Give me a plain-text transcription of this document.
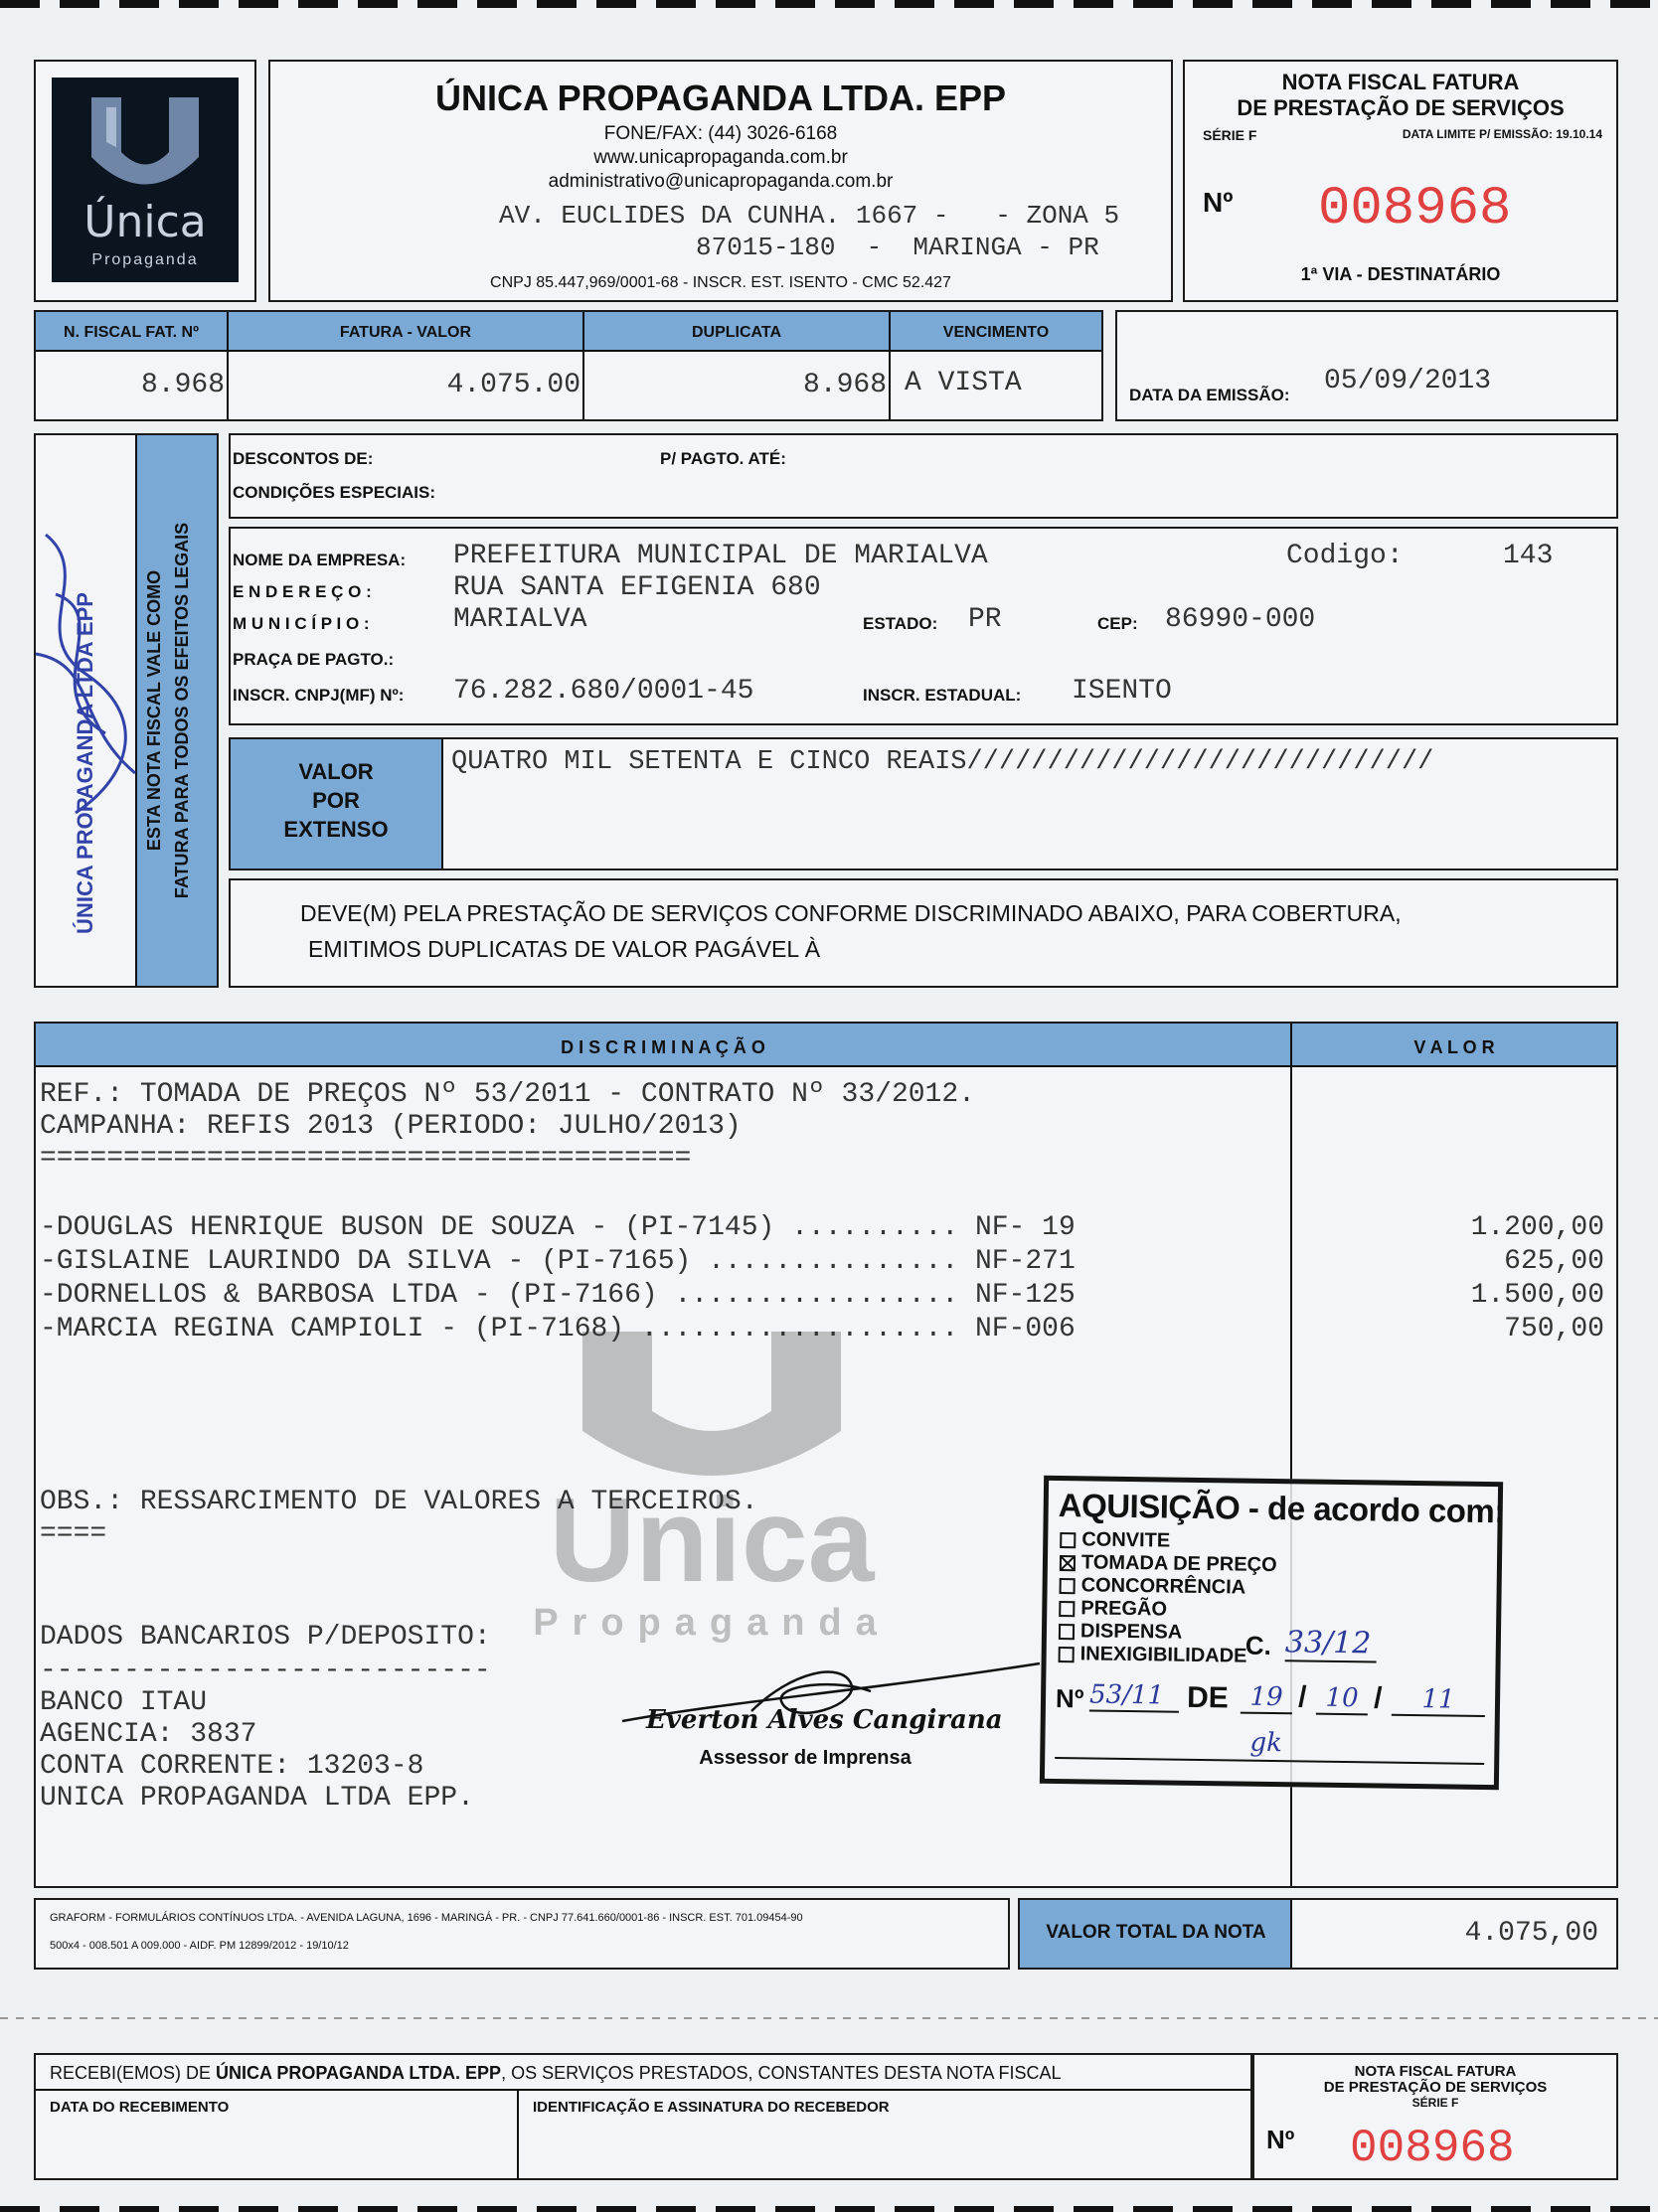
Única
Propaganda
ÚNICA PROPAGANDA LTDA. EPP
FONE/FAX: (44) 3026-6168
www.unicapropaganda.com.br
administrativo@unicapropaganda.com.br
AV. EUCLIDES DA CUNHA. 1667 -   - ZONA 5
87015-180  -  MARINGA - PR
CNPJ 85.447,969/0001-68 - INSCR. EST. ISENTO - CMC 52.427
NOTA FISCAL FATURA
DE PRESTAÇÃO DE SERVIÇOS
SÉRIE F	DATA LIMITE P/ EMISSÃO: 19.10.14
Nº 008968
1ª VIA - DESTINATÁRIO
N. FISCAL FAT. Nº	FATURA - VALOR	DUPLICATA	VENCIMENTO
8.968	4.075.00	8.968 A VISTA	DATA DA EMISSÃO: 05/09/2013
ESTA NOTA FISCAL VALE COMO FATURA PARA TODOS OS EFEITOS LEGAIS
ÚNICA PROPAGANDA LTDA EPP
DESCONTOS DE:	P/ PAGTO. ATÉ:
CONDIÇÕES ESPECIAIS:
NOME DA EMPRESA: PREFEITURA MUNICIPAL DE MARIALVA	Codigo:	143
E N D E R E Ç O :	RUA SANTA EFIGENIA 680
M U N I C Í P I O :	MARIALVA	ESTADO: PR	CEP: 86990-000
PRAÇA DE PAGTO.:
INSCR. CNPJ(MF) Nº: 76.282.680/0001-45	INSCR. ESTADUAL: ISENTO
VALOR
POR
EXTENSO
QUATRO MIL SETENTA E CINCO REAIS/////////////////////////////
DEVE(M) PELA PRESTAÇÃO DE SERVIÇOS CONFORME DISCRIMINADO ABAIXO, PARA COBERTURA,
EMITIMOS DUPLICATAS DE VALOR PAGÁVEL À
D I S C R I M I N A Ç Ã O	V A L O R
Unica
Propaganda
REF.: TOMADA DE PREÇOS Nº 53/2011 - CONTRATO Nº 33/2012.
CAMPANHA: REFIS 2013 (PERIODO: JULHO/2013)
=======================================
-DOUGLAS HENRIQUE BUSON DE SOUZA - (PI-7145) .......... NF- 19	1.200,00
-GISLAINE LAURINDO DA SILVA - (PI-7165) ............... NF-271	625,00
-DORNELLOS & BARBOSA LTDA - (PI-7166) ................. NF-125	1.500,00
-MARCIA REGINA CAMPIOLI - (PI-7168) ................... NF-006	750,00
OBS.: RESSARCIMENTO DE VALORES A TERCEIROS.
====
DADOS BANCARIOS P/DEPOSITO:
---------------------------
BANCO ITAU
AGENCIA: 3837
CONTA CORRENTE: 13203-8
UNICA PROPAGANDA LTDA EPP.
Everton Alves Cangirana
Assessor de Imprensa
AQUISIÇÃO - de acordo com:
CONVITE
TOMADA DE PREÇO
CONCORRÊNCIA
PREGÃO
DISPENSA
INEXIGIBILIDADE
C. 33/12
Nº 53/11 DE 19 / 10 /	11
gk
GRAFORM - FORMULÁRIOS CONTÍNUOS LTDA. - AVENIDA LAGUNA, 1696 - MARINGÁ - PR. - CNPJ 77.641.660/0001-86 - INSCR. EST. 701.09454-90
500x4 - 008.501 A 009.000 - AIDF. PM 12899/2012 - 19/10/12
VALOR TOTAL DA NOTA	4.075,00
RECEBI(EMOS) DE ÚNICA PROPAGANDA LTDA. EPP, OS SERVIÇOS PRESTADOS, CONSTANTES DESTA NOTA FISCAL
DATA DO RECEBIMENTO	IDENTIFICAÇÃO E ASSINATURA DO RECEBEDOR
NOTA FISCAL FATURA
DE PRESTAÇÃO DE SERVIÇOS
SÉRIE F
Nº 008968
